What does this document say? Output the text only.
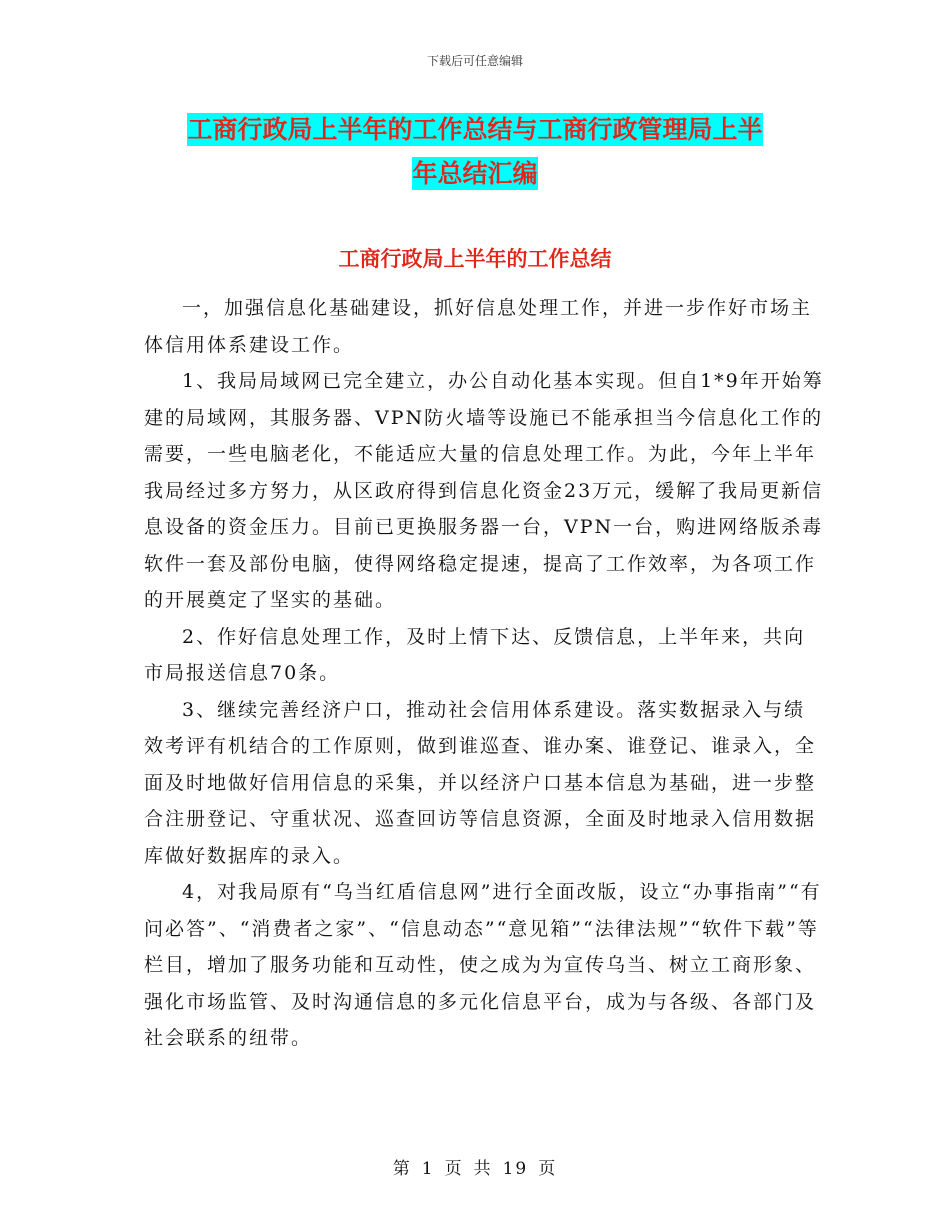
下载后可任意编辑
工商行政局上半年的工作总结与工商行政管理局上半
年总结汇编
工商行政局上半年的工作总结

一，加强信息化基础建设，抓好信息处理工作，并进一步作好市场主体信用体系建设工作。

1、我局局域网已完全建立，办公自动化基本实现。但自1*9年开始筹建的局域网，其服务器、VPN防火墙等设施已不能承担当今信息化工作的需要，一些电脑老化，不能适应大量的信息处理工作。为此，今年上半年我局经过多方努力，从区政府得到信息化资金23万元，缓解了我局更新信息设备的资金压力。目前已更换服务器一台，VPN一台，购进网络版杀毒软件一套及部份电脑，使得网络稳定提速，提高了工作效率，为各项工作的开展奠定了坚实的基础。

2、作好信息处理工作，及时上情下达、反馈信息，上半年来，共向市局报送信息70条。

3、继续完善经济户口，推动社会信用体系建设。落实数据录入与绩效考评有机结合的工作原则，做到谁巡查、谁办案、谁登记、谁录入，全面及时地做好信用信息的采集，并以经济户口基本信息为基础，进一步整合注册登记、守重状况、巡查回访等信息资源，全面及时地录入信用数据库做好数据库的录入。

4，对我局原有“乌当红盾信息网”进行全面改版，设立“办事指南”“有问必答”、“消费者之家”、“信息动态”“意见箱”“法律法规”“软件下载”等栏目，增加了服务功能和互动性，使之成为为宣传乌当、树立工商形象、强化市场监管、及时沟通信息的多元化信息平台，成为与各级、各部门及社会联系的纽带。

第 1 页 共 19 页
